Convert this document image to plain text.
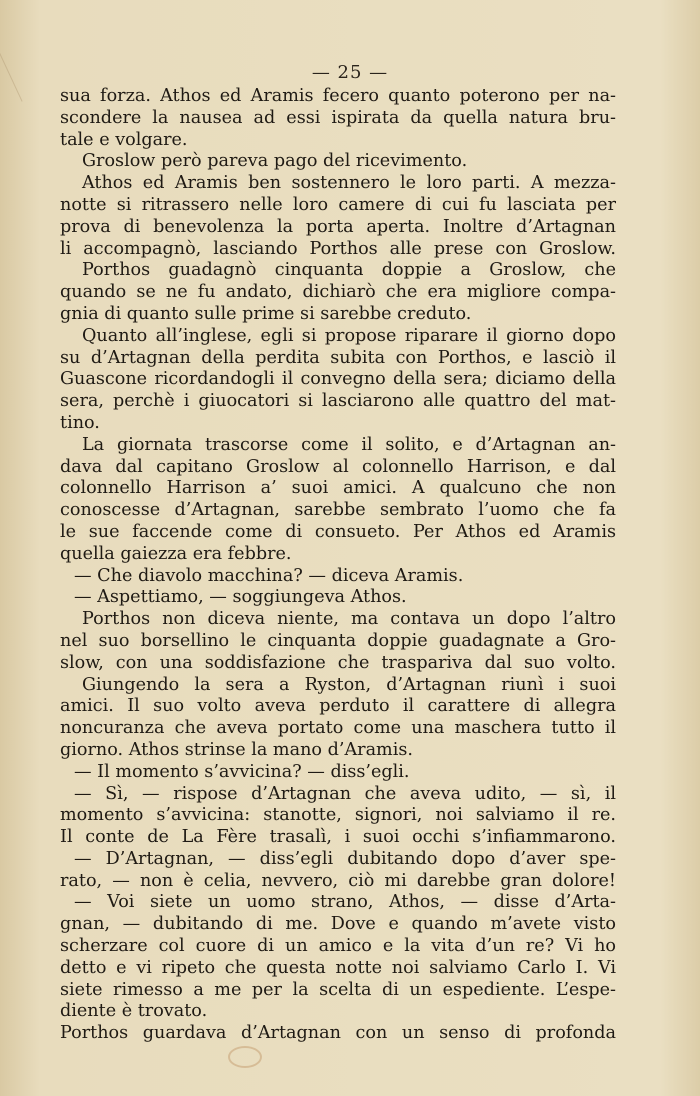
— 25 —
sua forza. Athos ed Aramis fecero quanto poterono per na-
scondere la nausea ad essi ispirata da quella natura bru-
tale e volgare.
Groslow però pareva pago del ricevimento.
Athos ed Aramis ben sostennero le loro parti. A mezza-
notte si ritrassero nelle loro camere di cui fu lasciata per
prova di benevolenza la porta aperta. Inoltre d’Artagnan
li accompagnò, lasciando Porthos alle prese con Groslow.
Porthos guadagnò cinquanta doppie a Groslow, che
quando se ne fu andato, dichiarò che era migliore compa-
gnia di quanto sulle prime si sarebbe creduto.
Quanto all’inglese, egli si propose riparare il giorno dopo
su d’Artagnan della perdita subita con Porthos, e lasciò il
Guascone ricordandogli il convegno della sera; diciamo della
sera, perchè i giuocatori si lasciarono alle quattro del mat-
tino.
La giornata trascorse come il solito, e d’Artagnan an-
dava dal capitano Groslow al colonnello Harrison, e dal
colonnello Harrison a’ suoi amici. A qualcuno che non
conoscesse d’Artagnan, sarebbe sembrato l’uomo che fa
le sue faccende come di consueto. Per Athos ed Aramis
quella gaiezza era febbre.
— Che diavolo macchina? — diceva Aramis.
— Aspettiamo, — soggiungeva Athos.
Porthos non diceva niente, ma contava un dopo l’altro
nel suo borsellino le cinquanta doppie guadagnate a Gro-
slow, con una soddisfazione che traspariva dal suo volto.
Giungendo la sera a Ryston, d’Artagnan riunì i suoi
amici. Il suo volto aveva perduto il carattere di allegra
noncuranza che aveva portato come una maschera tutto il
giorno. Athos strinse la mano d’Aramis.
— Il momento s’avvicina? — diss’egli.
— Sì, — rispose d’Artagnan che aveva udito, — sì, il
momento s’avvicina: stanotte, signori, noi salviamo il re.
Il conte de La Fère trasalì, i suoi occhi s’infiammarono.
— D’Artagnan, — diss’egli dubitando dopo d’aver spe-
rato, — non è celia, nevvero, ciò mi darebbe gran dolore!
— Voi siete un uomo strano, Athos, — disse d’Arta-
gnan, — dubitando di me. Dove e quando m’avete visto
scherzare col cuore di un amico e la vita d’un re? Vi ho
detto e vi ripeto che questa notte noi salviamo Carlo I. Vi
siete rimesso a me per la scelta di un espediente. L’espe-
diente è trovato.
Porthos guardava d’Artagnan con un senso di profonda
